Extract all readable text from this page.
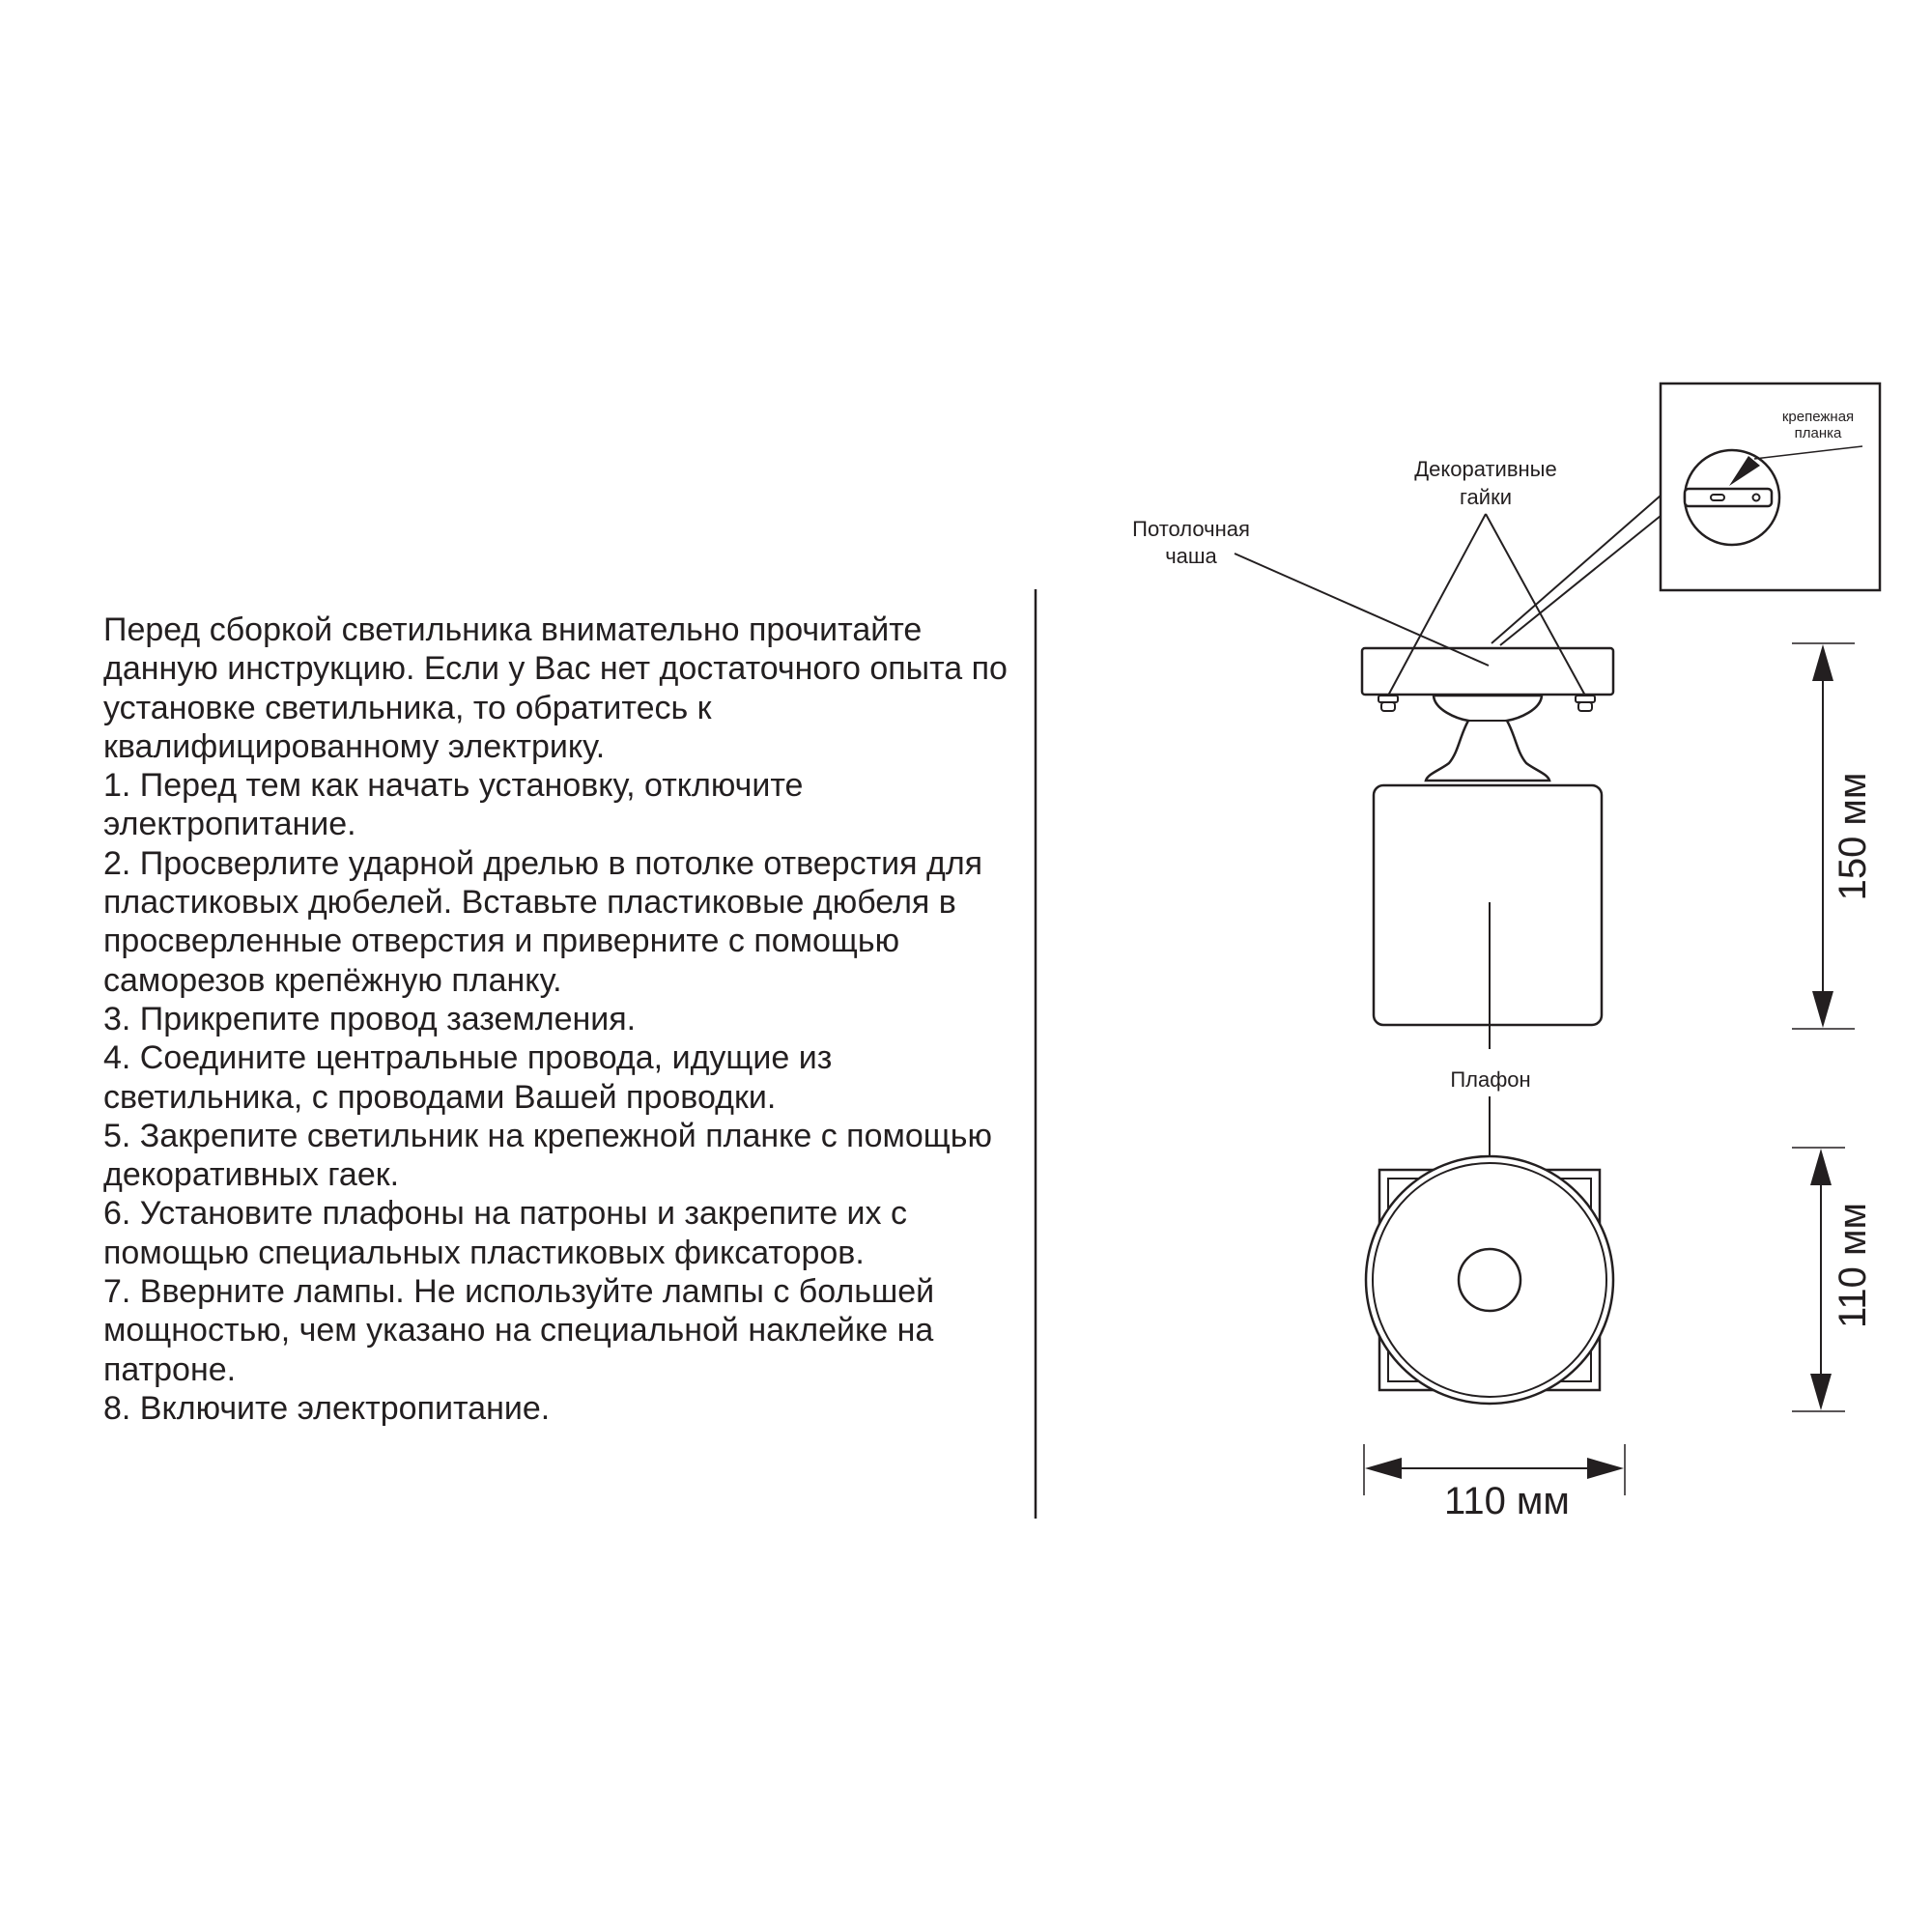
Перед сборкой светильника внимательно прочитайте данную инструкцию. Если у Вас нет достаточного опыта по установке светильника, то обратитесь к квалифицированному электрику.

1. Перед тем как начать установку, отключите электропитание.

2. Просверлите ударной дрелью в потолке отверстия для пластиковых дюбелей. Вставьте пластиковые дюбеля в просверленные отверстия и приверните с помощью саморезов крепёжную планку.

3. Прикрепите провод заземления.

4. Соедините центральные провода, идущие из светильника, с проводами Вашей проводки.

5. Закрепите светильник на крепежной планке с помощью декоративных гаек.

6. Установите плафоны на патроны и закрепите их с помощью специальных пластиковых фиксаторов.

7. Вверните лампы. Не используйте лампы с большей мощностью, чем указано на специальной наклейке на патроне.

8. Включите электропитание.

крепежная
планка
Потолочная
чаша
Декоративные
гайки
Плафон
150 мм
110 мм
110 мм
